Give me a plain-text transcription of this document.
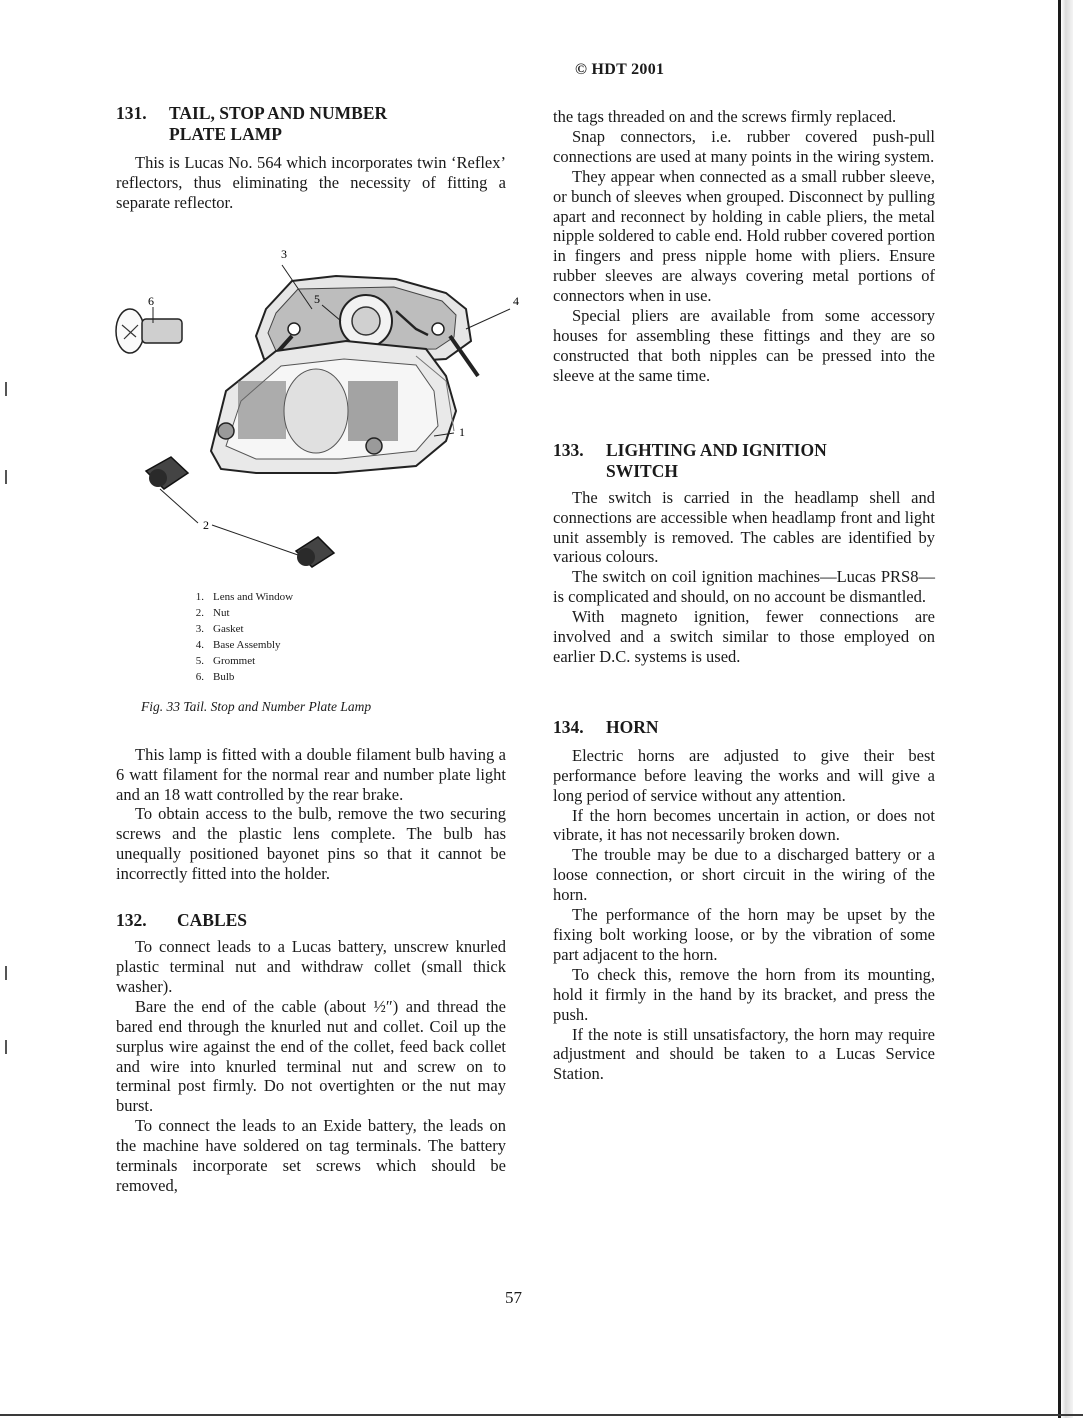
© HDT 2001
131. TAIL, STOP AND NUMBER
PLATE LAMP

This is Lucas No. 564 which incorporates twin ‘Reflex’ reflectors, thus eliminating the necessity of fitting a separate reflector.

3
4
5
6
1
2
1. Lens and Window
2. Nut
3. Gasket
4. Base Assembly
5. Grommet
6. Bulb
Fig. 33 Tail. Stop and Number Plate Lamp

This lamp is fitted with a double filament bulb having a 6 watt filament for the normal rear and number plate light and an 18 watt controlled by the rear brake.

To obtain access to the bulb, remove the two securing screws and the plastic lens complete. The bulb has unequally positioned bayonet pins so that it cannot be incorrectly fitted into the holder.

132. CABLES

To connect leads to a Lucas battery, unscrew knurled plastic terminal nut and withdraw collet (small thick washer).

Bare the end of the cable (about ½″) and thread the bared end through the knurled nut and collet. Coil up the surplus wire against the end of the collet, feed back collet and wire into knurled terminal nut and screw on to terminal post firmly. Do not overtighten or the nut may burst.

To connect the leads to an Exide battery, the leads on the machine have soldered on tag terminals. The battery terminals incorporate set screws which should be removed,

the tags threaded on and the screws firmly replaced.

Snap connectors, i.e. rubber covered push-pull connections are used at many points in the wiring system.

They appear when connected as a small rubber sleeve, or bunch of sleeves when grouped. Disconnect by pulling apart and reconnect by holding in cable pliers, the metal nipple soldered to cable end. Hold rubber covered portion in fingers and press nipple home with pliers. Ensure rubber sleeves are always covering metal portions of connectors when in use.

Special pliers are available from some accessory houses for assembling these fittings and they are so constructed that both nipples can be pressed into the sleeve at the same time.

133. LIGHTING AND IGNITION
SWITCH

The switch is carried in the headlamp shell and connections are accessible when headlamp front and light unit assembly is removed. The cables are identified by various colours.

The switch on coil ignition machines—Lucas PRS8—is complicated and should, on no account be dismantled.

With magneto ignition, fewer connections are involved and a switch similar to those employed on earlier D.C. systems is used.

134. HORN

Electric horns are adjusted to give their best performance before leaving the works and will give a long period of service without any attention.

If the horn becomes uncertain in action, or does not vibrate, it has not necessarily broken down.

The trouble may be due to a discharged battery or a loose connection, or short circuit in the wiring of the horn.

The performance of the horn may be upset by the fixing bolt working loose, or by the vibration of some part adjacent to the horn.

To check this, remove the horn from its mounting, hold it firmly in the hand by its bracket, and press the push.

If the note is still unsatisfactory, the horn may require adjustment and should be taken to a Lucas Service Station.

57
